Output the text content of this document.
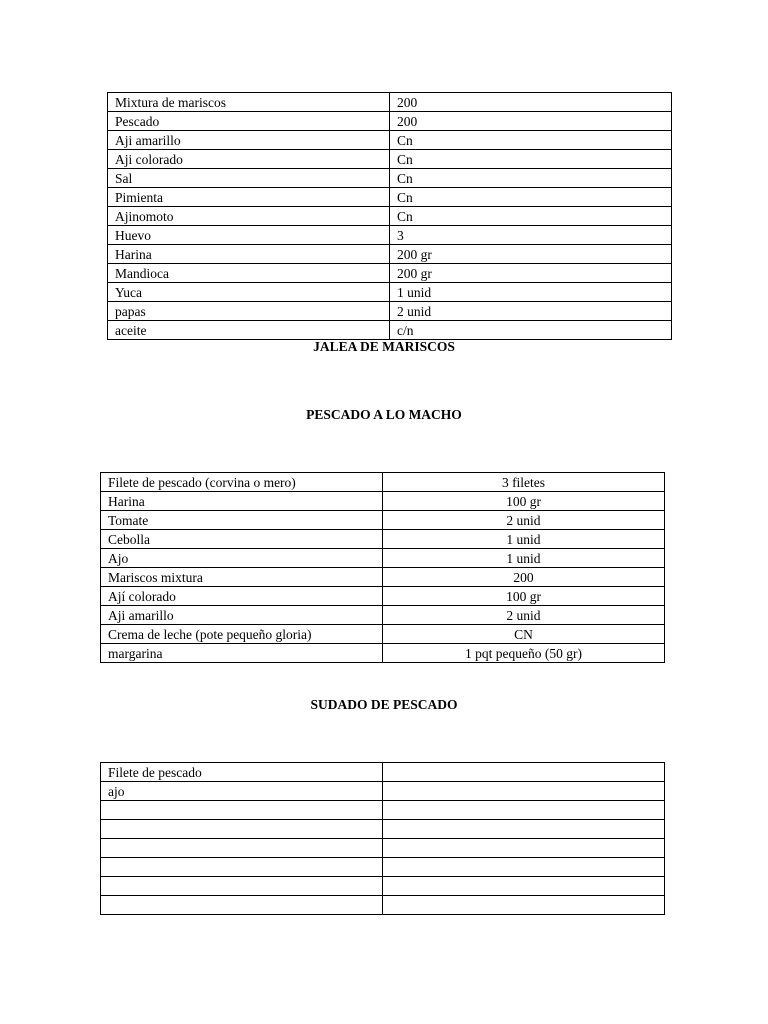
Mixtura de mariscos	200
Pescado	200
Aji amarillo	Cn
Aji colorado	Cn
Sal	Cn
Pimienta	Cn
Ajinomoto	Cn
Huevo	3
Harina	200 gr
Mandioca	200 gr
Yuca	1 unid
papas	2 unid
aceite	c/n
JALEA DE MARISCOS
PESCADO A LO MACHO
Filete de pescado (corvina o mero)	3 filetes
Harina	100 gr
Tomate	2 unid
Cebolla	1 unid
Ajo	1 unid
Mariscos mixtura	200
Ají colorado	100 gr
Aji amarillo	2 unid
Crema de leche (pote pequeño gloria)	CN
margarina	1 pqt pequeño (50 gr)
SUDADO DE PESCADO
Filete de pescado	
ajo	
